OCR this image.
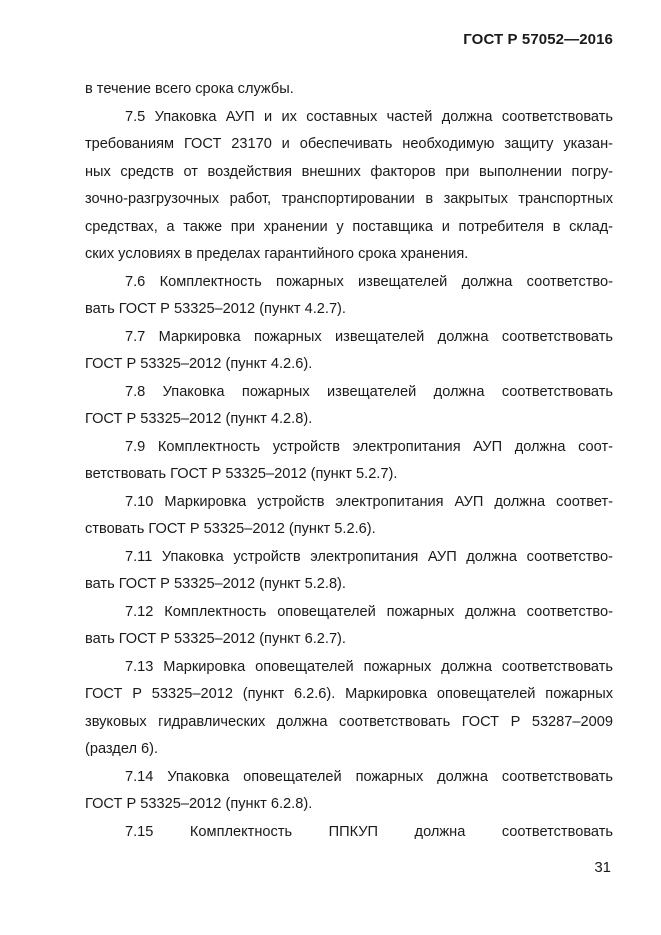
ГОСТ Р 57052—2016
в течение всего срока службы.
7.5 Упаковка АУП и их составных частей должна соответствовать
требованиям ГОСТ 23170 и обеспечивать необходимую защиту указан-
ных средств от воздействия внешних факторов при выполнении погру-
зочно-разгрузочных работ, транспортировании в закрытых транспортных
средствах, а также при хранении у поставщика и потребителя в склад-
ских условиях в пределах гарантийного срока хранения.
7.6 Комплектность пожарных извещателей должна соответство-
вать ГОСТ Р 53325–2012 (пункт 4.2.7).
7.7 Маркировка пожарных извещателей должна соответствовать
ГОСТ Р 53325–2012 (пункт 4.2.6).
7.8 Упаковка пожарных извещателей должна соответствовать
ГОСТ Р 53325–2012 (пункт 4.2.8).
7.9 Комплектность устройств электропитания АУП должна соот-
ветствовать ГОСТ Р 53325–2012 (пункт 5.2.7).
7.10 Маркировка устройств электропитания АУП должна соответ-
ствовать ГОСТ Р 53325–2012 (пункт 5.2.6).
7.11 Упаковка устройств электропитания АУП должна соответство-
вать ГОСТ Р 53325–2012 (пункт 5.2.8).
7.12 Комплектность оповещателей пожарных должна соответство-
вать ГОСТ Р 53325–2012 (пункт 6.2.7).
7.13 Маркировка оповещателей пожарных должна соответствовать
ГОСТ Р 53325–2012 (пункт 6.2.6). Маркировка оповещателей пожарных
звуковых гидравлических должна соответствовать ГОСТ Р 53287–2009
(раздел 6).
7.14 Упаковка оповещателей пожарных должна соответствовать
ГОСТ Р 53325–2012 (пункт 6.2.8).
7.15 Комплектность ППКУП должна соответствовать
31
